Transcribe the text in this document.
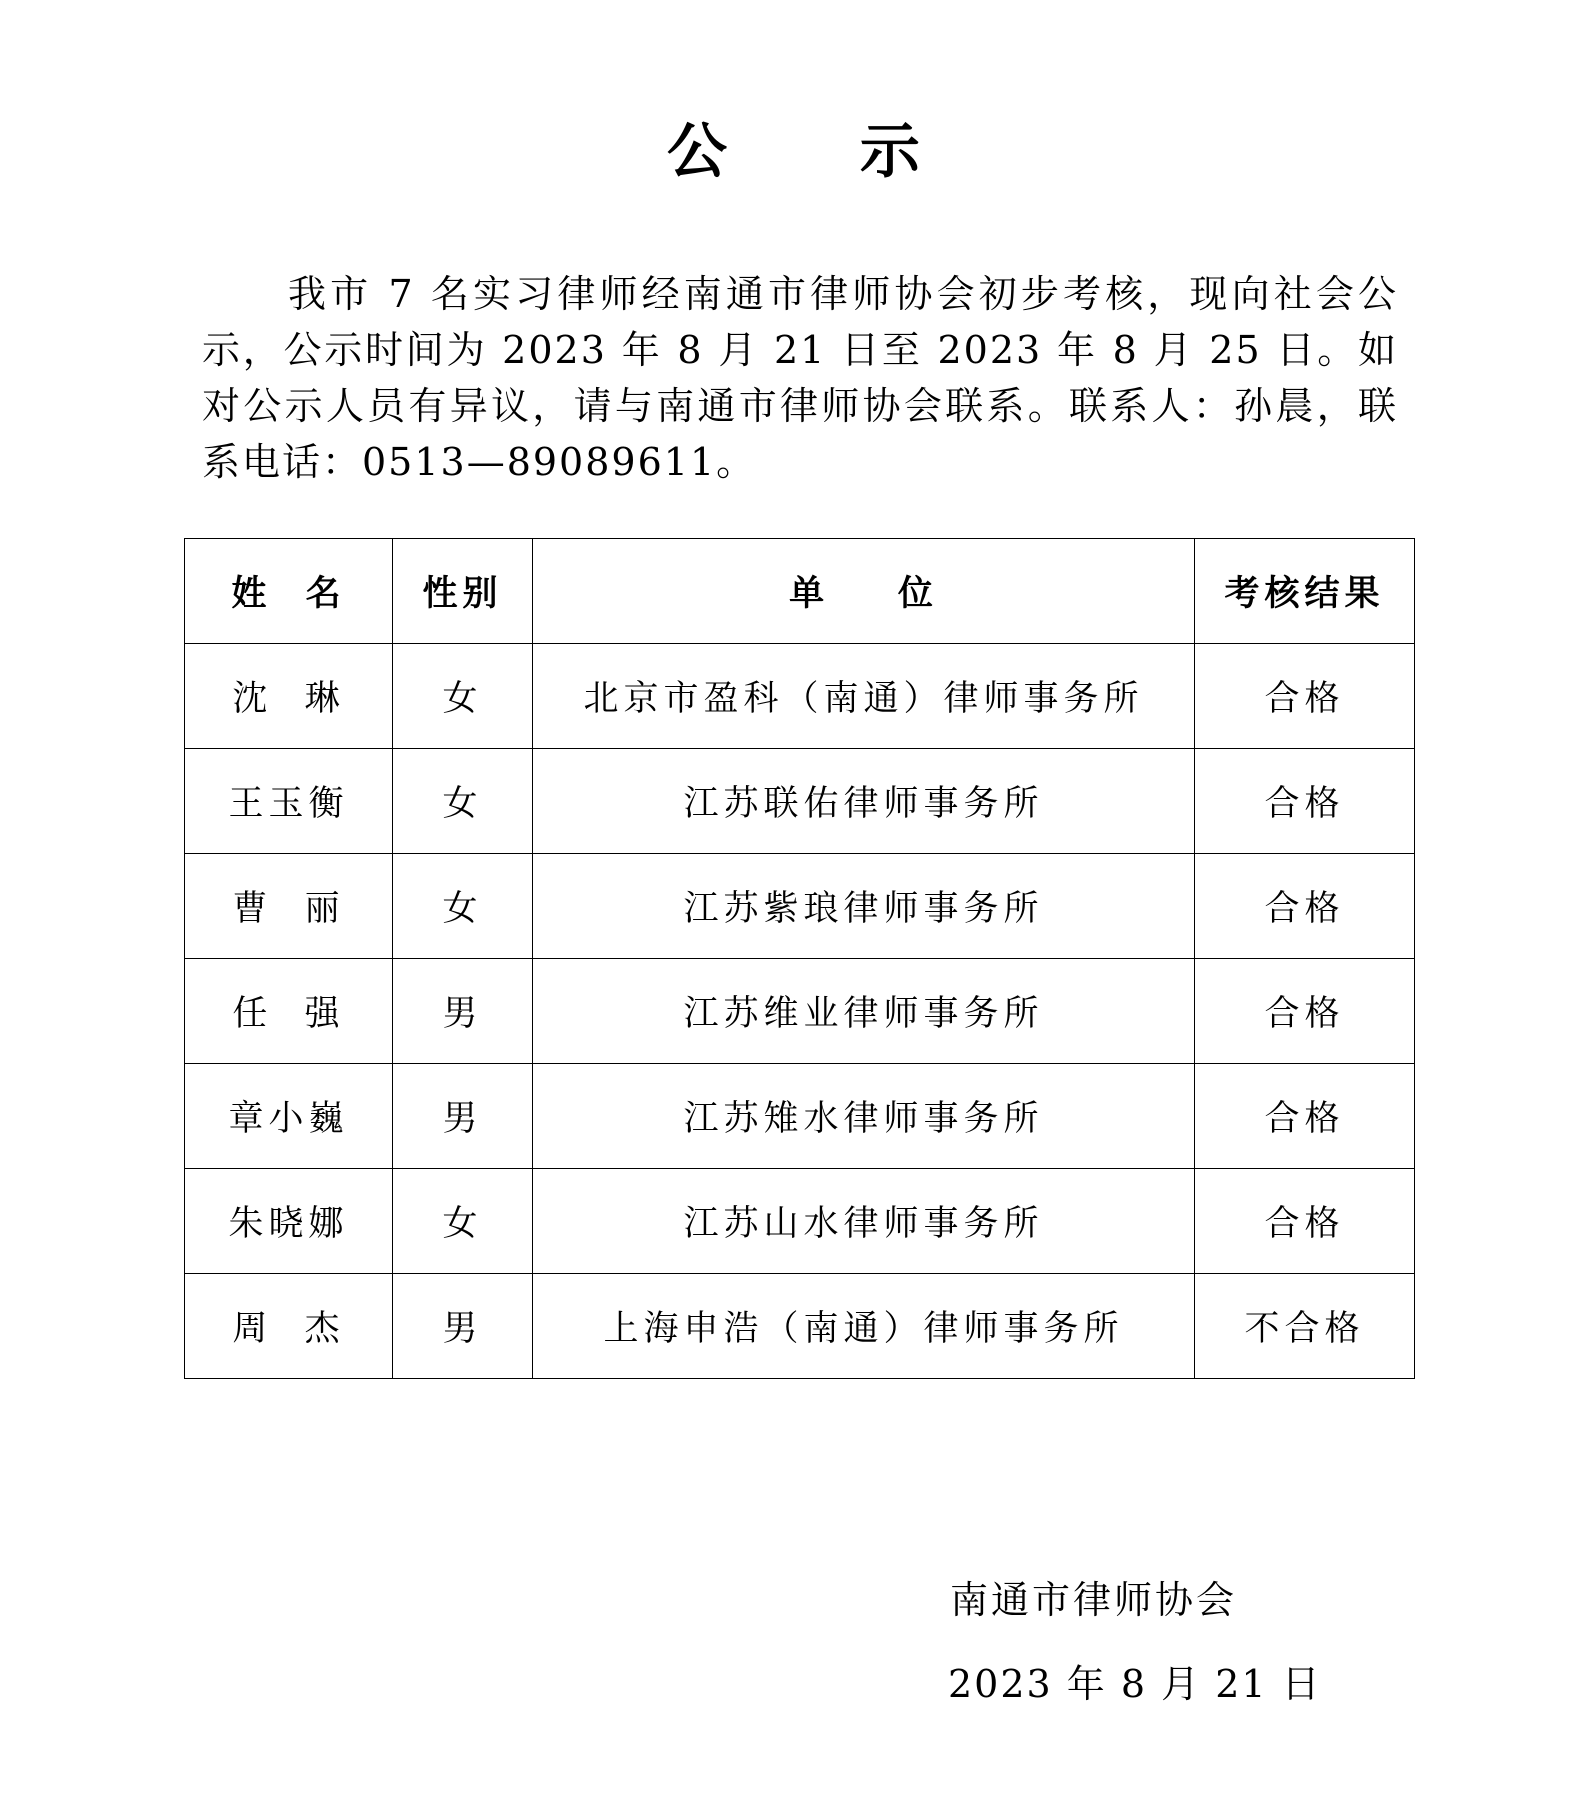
公 示

我市 7 名实习律师经南通市律师协会初步考核，现向社会公示，公示时间为 2023 年 8 月 21 日至 2023 年 8 月 25 日。如对公示人员有异议，请与南通市律师协会联系。联系人：孙晨，联系电话：0513—89089611。

姓  名	性别	单    位	考核结果
沈  琳	女	北京市盈科（南通）律师事务所	合格
王玉衡	女	江苏联佑律师事务所	合格
曹  丽	女	江苏紫琅律师事务所	合格
任  强	男	江苏维业律师事务所	合格
章小巍	男	江苏雉水律师事务所	合格
朱晓娜	女	江苏山水律师事务所	合格
周  杰	男	上海申浩（南通）律师事务所	不合格
南通市律师协会
2023 年 8 月 21 日
